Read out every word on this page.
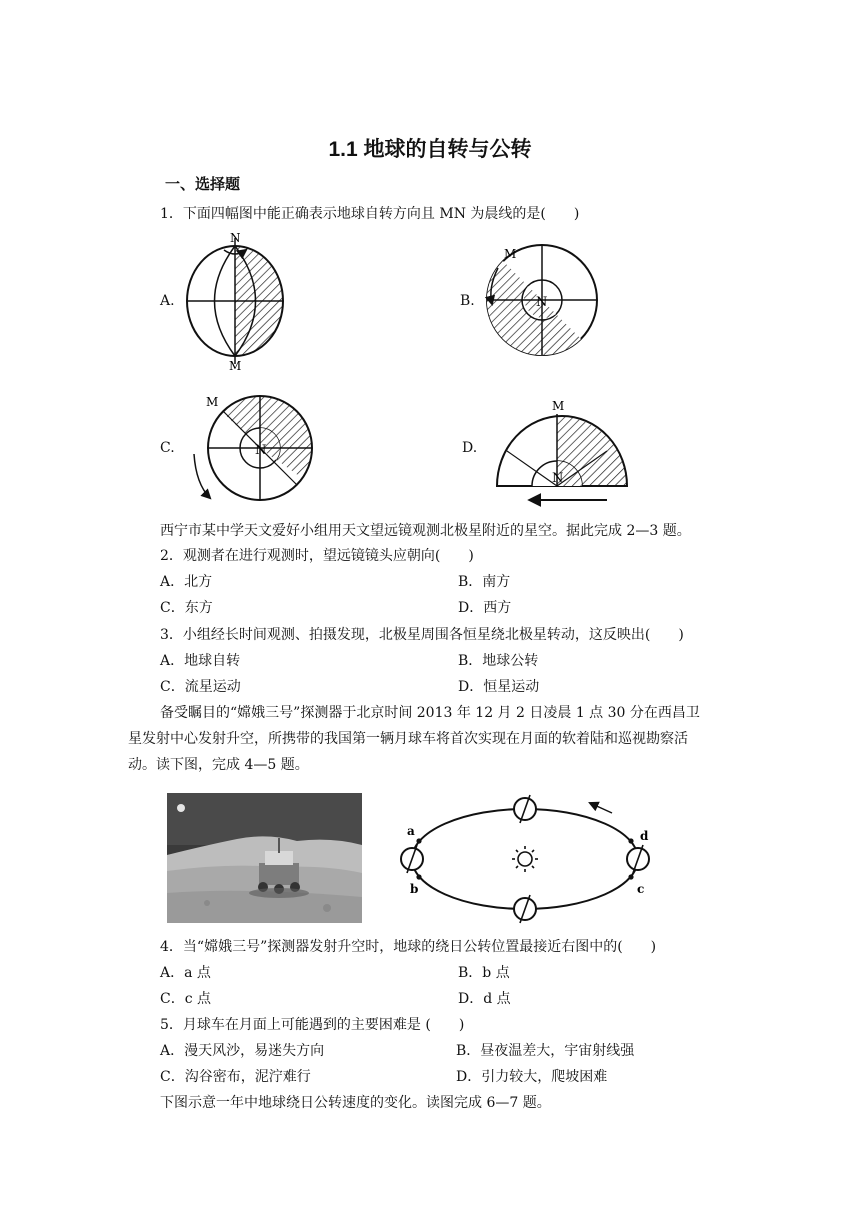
1.1 地球的自转与公转
一、选择题
1．下面四幅图中能正确表示地球自转方向且 MN 为晨线的是(　　)
A.
N
M
B.	N
M
C.	N
M
D.
N
M
西宁市某中学天文爱好小组用天文望远镜观测北极星附近的星空。据此完成 2—3 题。
2．观测者在进行观测时，望远镜镜头应朝向(　　)
A．北方	B．南方
C．东方	D．西方
3．小组经长时间观测、拍摄发现，北极星周围各恒星绕北极星转动，这反映出(　　)
A．地球自转	B．地球公转
C．流星运动	D．恒星运动
备受瞩目的“嫦娥三号”探测器于北京时间 2013 年 12 月 2 日凌晨 1 点 30 分在西昌卫
星发射中心发射升空，所携带的我国第一辆月球车将首次实现在月面的软着陆和巡视勘察活
动。读下图，完成 4—5 题。
a
b	c
d
4．当“嫦娥三号”探测器发射升空时，地球的绕日公转位置最接近右图中的(　　)
A．a 点	B．b 点
C．c 点	D．d 点
5．月球车在月面上可能遇到的主要困难是 (　　)
A．漫天风沙，易迷失方向	B．昼夜温差大，宇宙射线强
C．沟谷密布，泥泞难行	D．引力较大，爬坡困难
下图示意一年中地球绕日公转速度的变化。读图完成 6—7 题。
